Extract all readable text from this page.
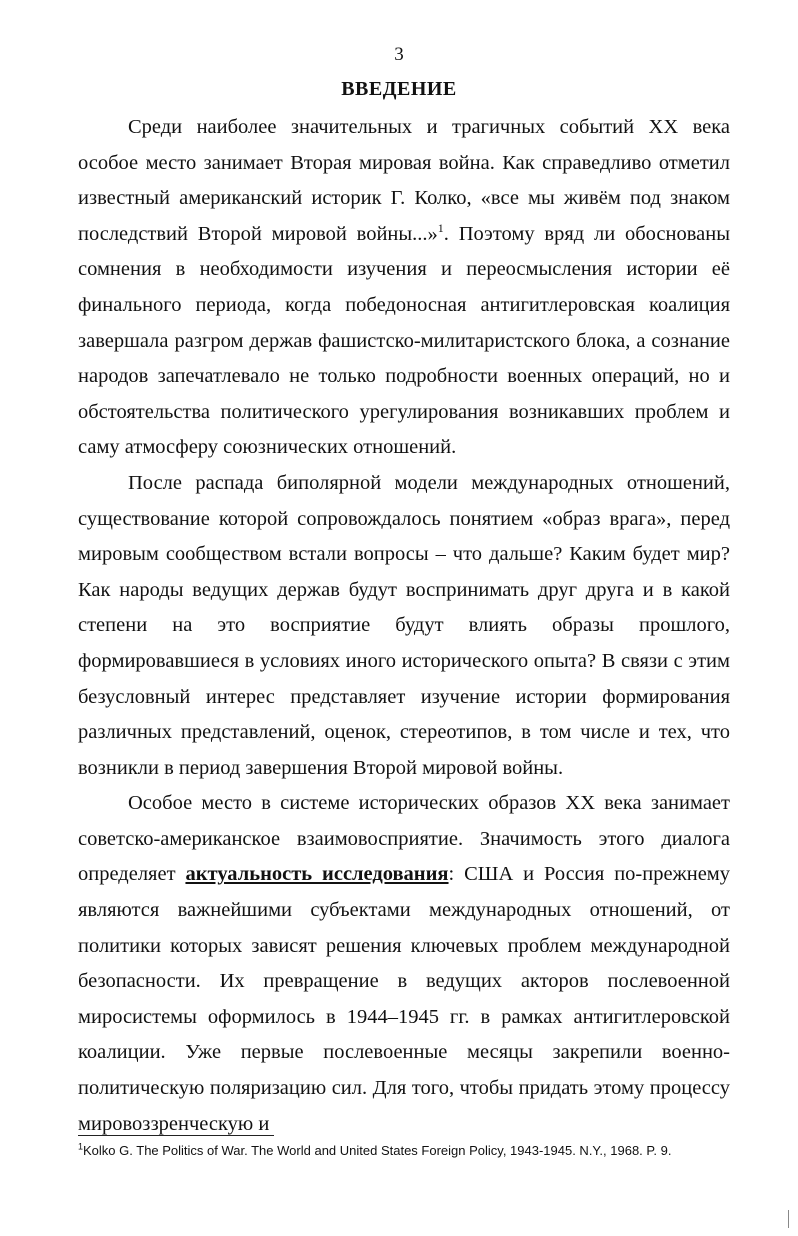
3
ВВЕДЕНИЕ

Среди наиболее значительных и трагичных событий XX века особое место занимает Вторая мировая война. Как справедливо отметил известный американский историк Г. Колко, «все мы живём под знаком последствий Второй мировой войны...»$^1$. Поэтому вряд ли обоснованы сомнения в необходимости изучения и переосмысления истории её финального периода, когда победоносная антигитлеровская коалиция завершала разгром держав фашистско-милитаристского блока, а сознание народов запечатлевало не только подробности военных операций, но и обстоятельства политического урегулирования возникавших проблем и саму атмосферу союзнических отношений.

После распада биполярной модели международных отношений, существование которой сопровождалось понятием «образ врага», перед мировым сообществом встали вопросы – что дальше? Каким будет мир? Как народы ведущих держав будут воспринимать друг друга и в какой степени на это восприятие будут влиять образы прошлого, формировавшиеся в условиях иного исторического опыта? В связи с этим безусловный интерес представляет изучение истории формирования различных представлений, оценок, стереотипов, в том числе и тех, что возникли в период завершения Второй мировой войны.

Особое место в системе исторических образов XX века занимает советско-американское взаимовосприятие. Значимость этого диалога определяет актуальность исследования: США и Россия по-прежнему являются важнейшими субъектами международных отношений, от политики которых зависят решения ключевых проблем международной безопасности. Их превращение в ведущих акторов послевоенной миросистемы оформилось в 1944–1945 гг. в рамках антигитлеровской коалиции. Уже первые послевоенные месяцы закрепили военно-политическую поляризацию сил. Для того, чтобы придать этому процессу мировоззренческую и

$^1$Kolko G. The Politics of War. The World and United States Foreign Policy, 1943-1945. N.Y., 1968. P. 9.
